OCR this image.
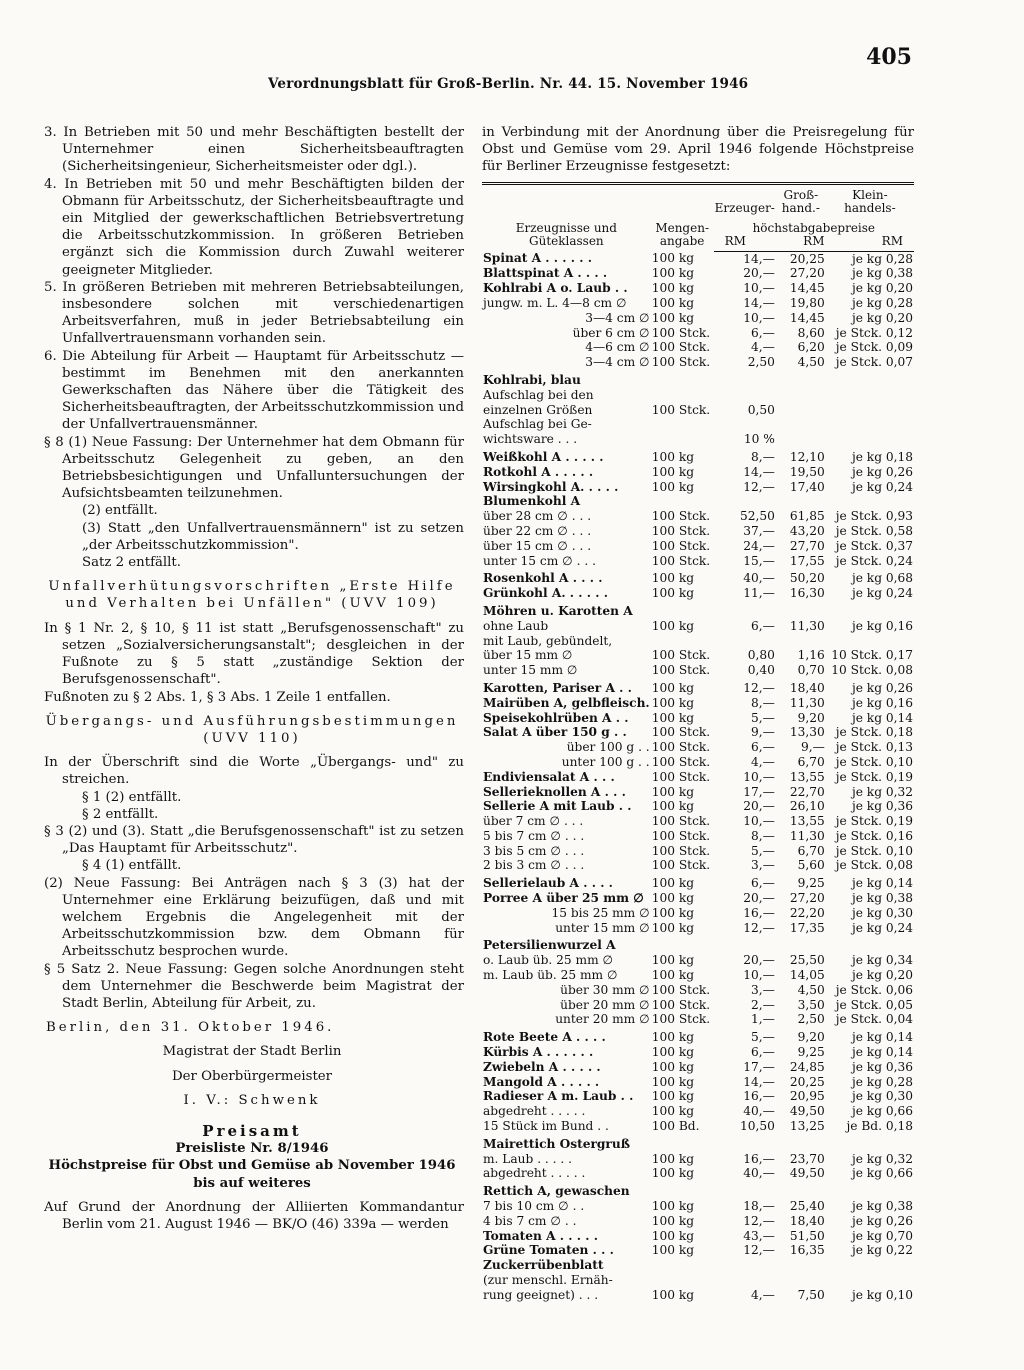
Verordnungsblatt für Groß-Berlin. Nr. 44. 15. November 1946
405

3. In Betrieben mit 50 und mehr Beschäftigten bestellt der Unternehmer einen Sicherheitsbeauftragten (Sicherheitsingenieur, Sicherheitsmeister oder dgl.).

4. In Betrieben mit 50 und mehr Beschäftigten bilden der Obmann für Arbeitsschutz, der Sicherheitsbeauftragte und ein Mitglied der gewerkschaftlichen Betriebsvertretung die Arbeitsschutzkommission. In größeren Betrieben ergänzt sich die Kommission durch Zuwahl weiterer geeigneter Mitglieder.

5. In größeren Betrieben mit mehreren Betriebsabteilungen, insbesondere solchen mit verschiedenartigen Arbeitsverfahren, muß in jeder Betriebsabteilung ein Unfallvertrauensmann vorhanden sein.

6. Die Abteilung für Arbeit — Hauptamt für Arbeitsschutz — bestimmt im Benehmen mit den anerkannten Gewerkschaften das Nähere über die Tätigkeit des Sicherheitsbeauftragten, der Arbeitsschutzkommission und der Unfallvertrauensmänner.

§ 8 (1) Neue Fassung: Der Unternehmer hat dem Obmann für Arbeitsschutz Gelegenheit zu geben, an den Betriebsbesichtigungen und Unfalluntersuchungen der Aufsichtsbeamten teilzunehmen.

(2) entfällt.

(3) Statt „den Unfallvertrauensmännern" ist zu setzen „der Arbeitsschutzkommission".

Satz 2 entfällt.

Unfallverhütungsvorschriften „Erste Hilfe und Verhalten bei Unfällen" (UVV 109)

In § 1 Nr. 2, § 10, § 11 ist statt „Berufsgenossenschaft" zu setzen „Sozialversicherungsanstalt"; desgleichen in der Fußnote zu § 5 statt „zuständige Sektion der Berufsgenossenschaft".

Fußnoten zu § 2 Abs. 1, § 3 Abs. 1 Zeile 1 entfallen.

Übergangs- und Ausführungsbestimmungen (UVV 110)

In der Überschrift sind die Worte „Übergangs- und" zu streichen.

§ 1 (2) entfällt.

§ 2 entfällt.

§ 3 (2) und (3). Statt „die Berufsgenossenschaft" ist zu setzen „Das Hauptamt für Arbeitsschutz".

§ 4 (1) entfällt.

(2) Neue Fassung: Bei Anträgen nach § 3 (3) hat der Unternehmer eine Erklärung beizufügen, daß und mit welchem Ergebnis die Angelegenheit mit der Arbeitsschutzkommission bzw. dem Obmann für Arbeitsschutz besprochen wurde.

§ 5 Satz 2. Neue Fassung: Gegen solche Anordnungen steht dem Unternehmer die Beschwerde beim Magistrat der Stadt Berlin, Abteilung für Arbeit, zu.

Berlin, den 31. Oktober 1946.

Magistrat der Stadt Berlin

Der Oberbürgermeister

I. V.: Schwenk

Preisamt

Preisliste Nr. 8/1946

Höchstpreise für Obst und Gemüse ab November 1946 bis auf weiteres

Auf Grund der Anordnung der Alliierten Kommandantur Berlin vom 21. August 1946 — BK/O (46) 339a — werden

in Verbindung mit der Anordnung über die Preisregelung für Obst und Gemüse vom 29. April 1946 folgende Höchstpreise für Berliner Erzeugnisse festgesetzt:

Erzeugnisse und Güteklassen	Mengen-angabe	Erzeuger-	Groß-hand.-	Klein-handels-

		höchstabgabepreise
RM RM RM		

Spinat A . . . . . .	100 kg	14,—	20,25	je kg 0,28
Blattspinat A . . . .	100 kg	20,—	27,20	je kg 0,38
Kohlrabi A o. Laub . .	100 kg	10,—	14,45	je kg 0,20
jungw. m. L. 4—8 cm ∅	100 kg	14,—	19,80	je kg 0,28
3—4 cm ∅	100 kg	10,—	14,45	je kg 0,20
über 6 cm ∅	100 Stck.	6,—	8,60	je Stck. 0,12
4—6 cm ∅	100 Stck.	4,—	6,20	je Stck. 0,09
3—4 cm ∅	100 Stck.	2,50	4,50	je Stck. 0,07
Kohlrabi, blau				
Aufschlag bei den				
einzelnen Größen	100 Stck.	0,50		
Aufschlag bei Ge-				
wichtsware . . .		10 %		
Weißkohl A . . . . .	100 kg	8,—	12,10	je kg 0,18
Rotkohl A . . . . .	100 kg	14,—	19,50	je kg 0,26
Wirsingkohl A. . . . .	100 kg	12,—	17,40	je kg 0,24
Blumenkohl A				
über 28 cm ∅ . . .	100 Stck.	52,50	61,85	je Stck. 0,93
über 22 cm ∅ . . .	100 Stck.	37,—	43,20	je Stck. 0,58
über 15 cm ∅ . . .	100 Stck.	24,—	27,70	je Stck. 0,37
unter 15 cm ∅ . . .	100 Stck.	15,—	17,55	je Stck. 0,24
Rosenkohl A . . . .	100 kg	40,—	50,20	je kg 0,68
Grünkohl A. . . . . .	100 kg	11,—	16,30	je kg 0,24
Möhren u. Karotten A				
ohne Laub	100 kg	6,—	11,30	je kg 0,16
mit Laub, gebündelt,				
über 15 mm ∅	100 Stck.	0,80	1,16	10 Stck. 0,17
unter 15 mm ∅	100 Stck.	0,40	0,70	10 Stck. 0,08
Karotten, Pariser A . .	100 kg	12,—	18,40	je kg 0,26
Mairüben A, gelbfleisch.	100 kg	8,—	11,30	je kg 0,16
Speisekohlrüben A . .	100 kg	5,—	9,20	je kg 0,14
Salat A über 150 g . .	100 Stck.	9,—	13,30	je Stck. 0,18
über 100 g . .	100 Stck.	6,—	9,—	je Stck. 0,13
unter 100 g . .	100 Stck.	4,—	6,70	je Stck. 0,10
Endiviensalat A . . .	100 Stck.	10,—	13,55	je Stck. 0,19
Sellerieknollen A . . .	100 kg	17,—	22,70	je kg 0,32
Sellerie A mit Laub . .	100 kg	20,—	26,10	je kg 0,36
über 7 cm ∅ . . .	100 Stck.	10,—	13,55	je Stck. 0,19
5 bis 7 cm ∅ . . .	100 Stck.	8,—	11,30	je Stck. 0,16
3 bis 5 cm ∅ . . .	100 Stck.	5,—	6,70	je Stck. 0,10
2 bis 3 cm ∅ . . .	100 Stck.	3,—	5,60	je Stck. 0,08
Sellerielaub A . . . .	100 kg	6,—	9,25	je kg 0,14
Porree A über 25 mm ∅	100 kg	20,—	27,20	je kg 0,38
15 bis 25 mm ∅	100 kg	16,—	22,20	je kg 0,30
unter 15 mm ∅	100 kg	12,—	17,35	je kg 0,24
Petersilienwurzel A				
o. Laub üb. 25 mm ∅	100 kg	20,—	25,50	je kg 0,34
m. Laub üb. 25 mm ∅	100 kg	10,—	14,05	je kg 0,20
über 30 mm ∅	100 Stck.	3,—	4,50	je Stck. 0,06
über 20 mm ∅	100 Stck.	2,—	3,50	je Stck. 0,05
unter 20 mm ∅	100 Stck.	1,—	2,50	je Stck. 0,04
Rote Beete A . . . .	100 kg	5,—	9,20	je kg 0,14
Kürbis A . . . . . .	100 kg	6,—	9,25	je kg 0,14
Zwiebeln A . . . . .	100 kg	17,—	24,85	je kg 0,36
Mangold A . . . . .	100 kg	14,—	20,25	je kg 0,28
Radieser A m. Laub . .	100 kg	16,—	20,95	je kg 0,30
abgedreht . . . . .	100 kg	40,—	49,50	je kg 0,66
15 Stück im Bund . .	100 Bd.	10,50	13,25	je Bd. 0,18
Mairettich Ostergruß				
m. Laub . . . . .	100 kg	16,—	23,70	je kg 0,32
abgedreht . . . . .	100 kg	40,—	49,50	je kg 0,66
Rettich A, gewaschen				
7 bis 10 cm ∅ . .	100 kg	18,—	25,40	je kg 0,38
4 bis 7 cm ∅ . .	100 kg	12,—	18,40	je kg 0,26
Tomaten A . . . . .	100 kg	43,—	51,50	je kg 0,70
Grüne Tomaten . . .	100 kg	12,—	16,35	je kg 0,22
Zuckerrübenblatt				
(zur menschl. Ernäh-				
rung geeignet) . . .	100 kg	4,—	7,50	je kg 0,10
